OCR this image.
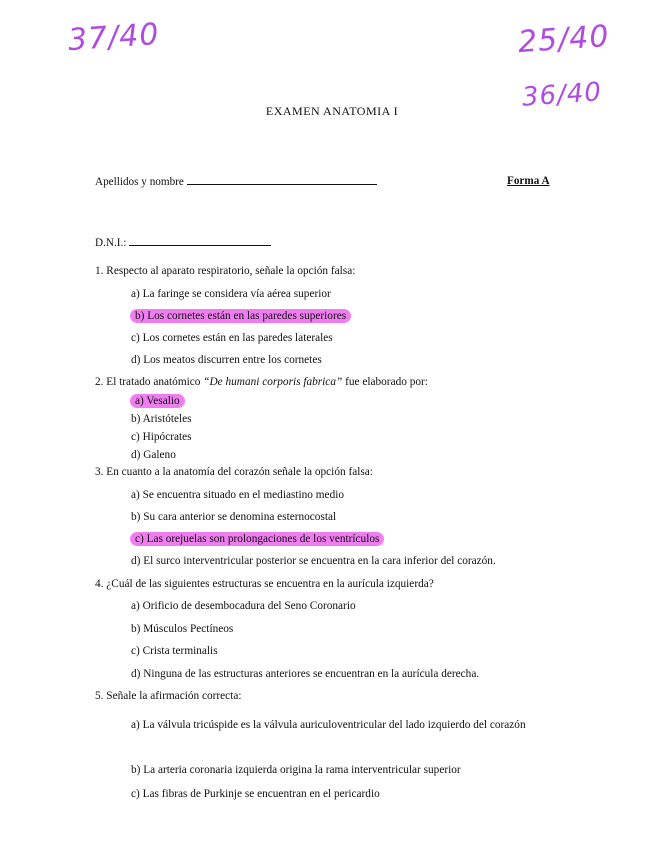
37/40	25/40
36/40
EXAMEN ANATOMIA I
Apellidos y nombre	Forma A
D.N.I.:
1. Respecto al aparato respiratorio, señale la opción falsa:
a) La faringe se considera vía aérea superior
b) Los cornetes están en las paredes superiores
c) Los cornetes están en las paredes laterales
d) Los meatos discurren entre los cornetes
2. El tratado anatómico “De humani corporis fabrica” fue elaborado por:
a) Vesalio
b) Aristóteles
c) Hipócrates
d) Galeno
3. En cuanto a la anatomía del corazón señale la opción falsa:
a) Se encuentra situado en el mediastino medio
b) Su cara anterior se denomina esternocostal
c) Las orejuelas son prolongaciones de los ventrículos
d) El surco interventricular posterior se encuentra en la cara inferior del corazón.
4. ¿Cuál de las siguientes estructuras se encuentra en la aurícula izquierda?
a) Orificio de desembocadura del Seno Coronario
b) Músculos Pectíneos
c) Crista terminalis
d) Ninguna de las estructuras anteriores se encuentran en la aurícula derecha.
5. Señale la afirmación correcta:
a) La válvula tricúspide es la válvula auriculoventricular del lado izquierdo del corazón
b) La arteria coronaria izquierda origina la rama interventricular superior
c) Las fibras de Purkinje se encuentran en el pericardio
